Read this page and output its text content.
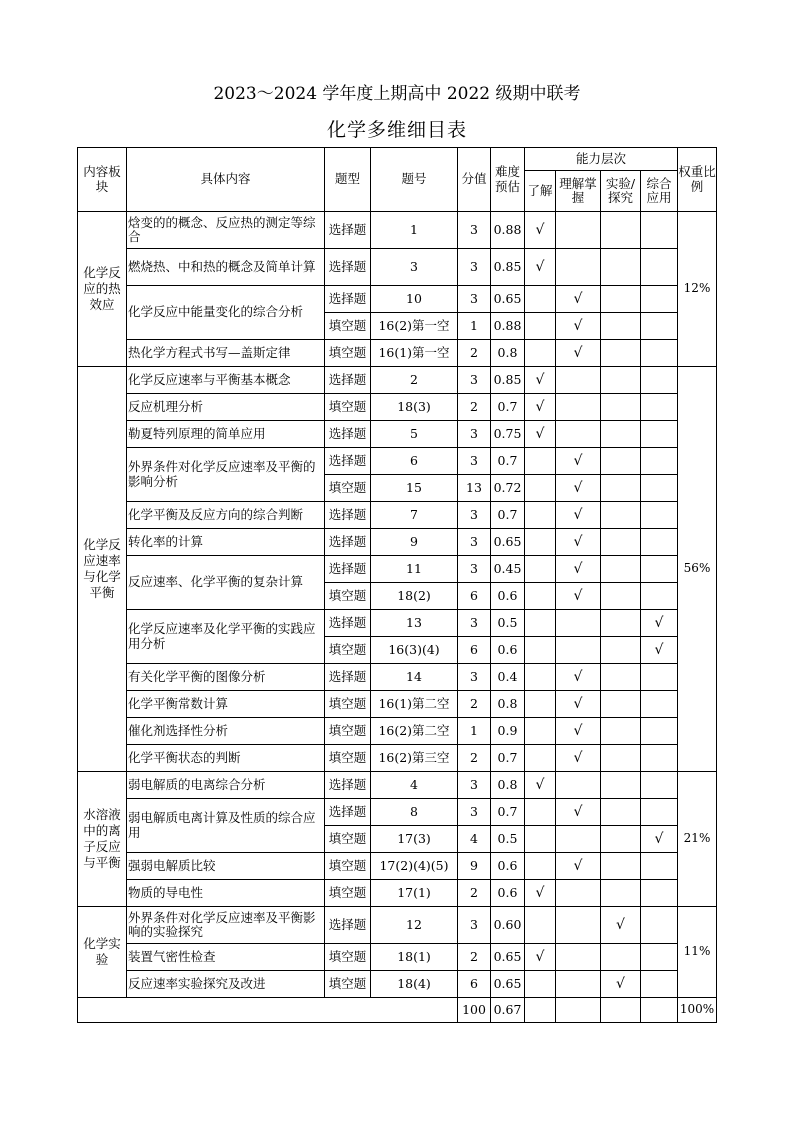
2023～2024 学年度上期高中 2022 级期中联考
化学多维细目表
内容板块	具体内容	题型	题号	分值	难度预估	能力层次				权重比例
						了解	理解掌握	实验/探究	综合应用	
化学反应的热效应	焓变的的概念、反应热的测定等综合	选择题	1	3	0.88	√				12%
	燃烧热、中和热的概念及简单计算	选择题	3	3	0.85	√				
	化学反应中能量变化的综合分析	选择题	10	3	0.65		√			
		填空题	16(2)第一空	1	0.88		√			
	热化学方程式书写—盖斯定律	填空题	16(1)第一空	2	0.8		√			
化学反应速率与化学平衡	化学反应速率与平衡基本概念	选择题	2	3	0.85	√				56%
	反应机理分析	填空题	18(3)	2	0.7	√				
	勒夏特列原理的简单应用	选择题	5	3	0.75	√				
	外界条件对化学反应速率及平衡的影响分析	选择题	6	3	0.7		√			
		填空题	15	13	0.72		√			
	化学平衡及反应方向的综合判断	选择题	7	3	0.7		√			
	转化率的计算	选择题	9	3	0.65		√			
	反应速率、化学平衡的复杂计算	选择题	11	3	0.45		√			
		填空题	18(2)	6	0.6		√			
	化学反应速率及化学平衡的实践应用分析	选择题	13	3	0.5				√	
		填空题	16(3)(4)	6	0.6				√	
	有关化学平衡的图像分析	选择题	14	3	0.4		√			
	化学平衡常数计算	填空题	16(1)第二空	2	0.8		√			
	催化剂选择性分析	填空题	16(2)第二空	1	0.9		√			
	化学平衡状态的判断	填空题	16(2)第三空	2	0.7		√			
水溶液中的离子反应与平衡	弱电解质的电离综合分析	选择题	4	3	0.8	√				21%
	弱电解质电离计算及性质的综合应用	选择题	8	3	0.7		√			
		填空题	17(3)	4	0.5				√	
	强弱电解质比较	填空题	17(2)(4)(5)	9	0.6		√			
	物质的导电性	填空题	17(1)	2	0.6	√				
化学实验	外界条件对化学反应速率及平衡影响的实验探究	选择题	12	3	0.60			√		11%
	装置气密性检查	填空题	18(1)	2	0.65	√				
	反应速率实验探究及改进	填空题	18(4)	6	0.65			√		
				100	0.67					100%
